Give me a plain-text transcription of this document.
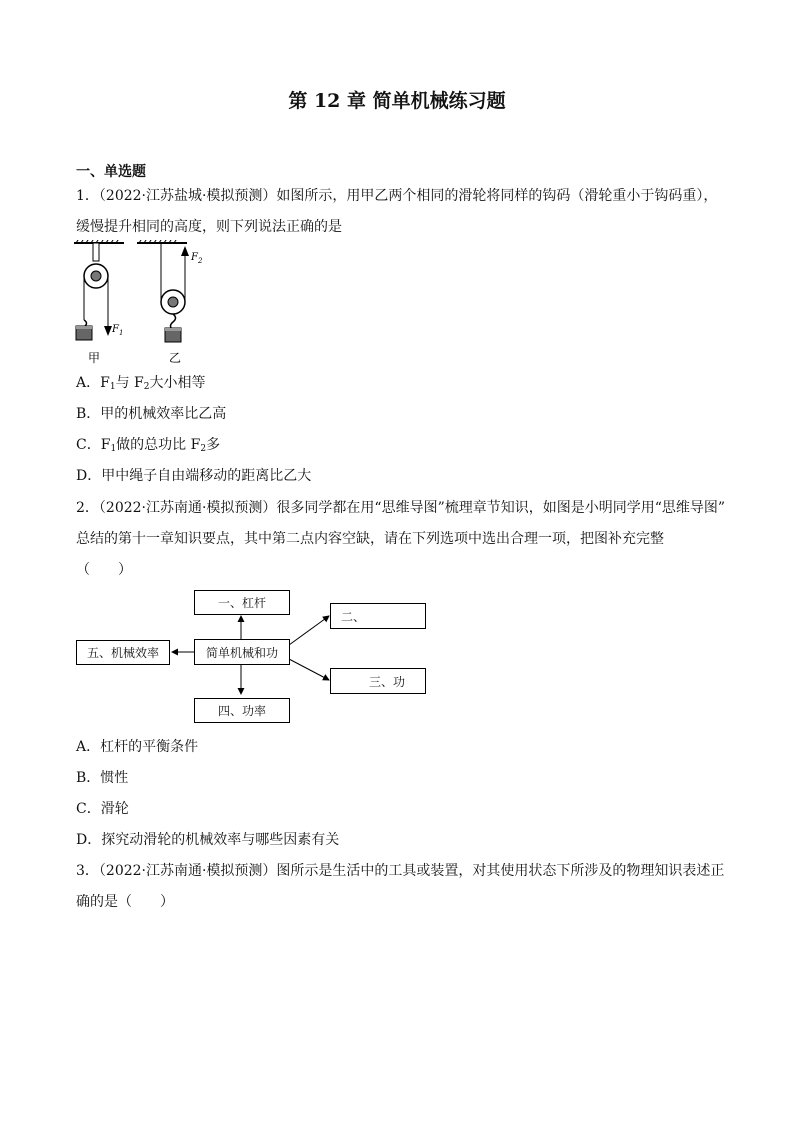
第 12 章 简单机械练习题
一、单选题
1．（2022·江苏盐城·模拟预测）如图所示，用甲乙两个相同的滑轮将同样的钩码（滑轮重小于钩码重），
缓慢提升相同的高度，则下列说法正确的是
$F_1$
甲
$F_2$
乙
A．$F_1$与 $F_2$大小相等
B．甲的机械效率比乙高
C．$F_1$做的总功比 $F_2$多
D．甲中绳子自由端移动的距离比乙大
2．（2022·江苏南通·模拟预测）很多同学都在用“思维导图”梳理章节知识，如图是小明同学用“思维导图”
总结的第十一章知识要点，其中第二点内容空缺，请在下列选项中选出合理一项，把图补充完整
（　　）
一、杠杆
二、
五、机械效率	简单机械和功
三、功
四、功率
A．杠杆的平衡条件
B．惯性
C．滑轮
D．探究动滑轮的机械效率与哪些因素有关
3．（2022·江苏南通·模拟预测）图所示是生活中的工具或装置，对其使用状态下所涉及的物理知识表述正
确的是（　　）
